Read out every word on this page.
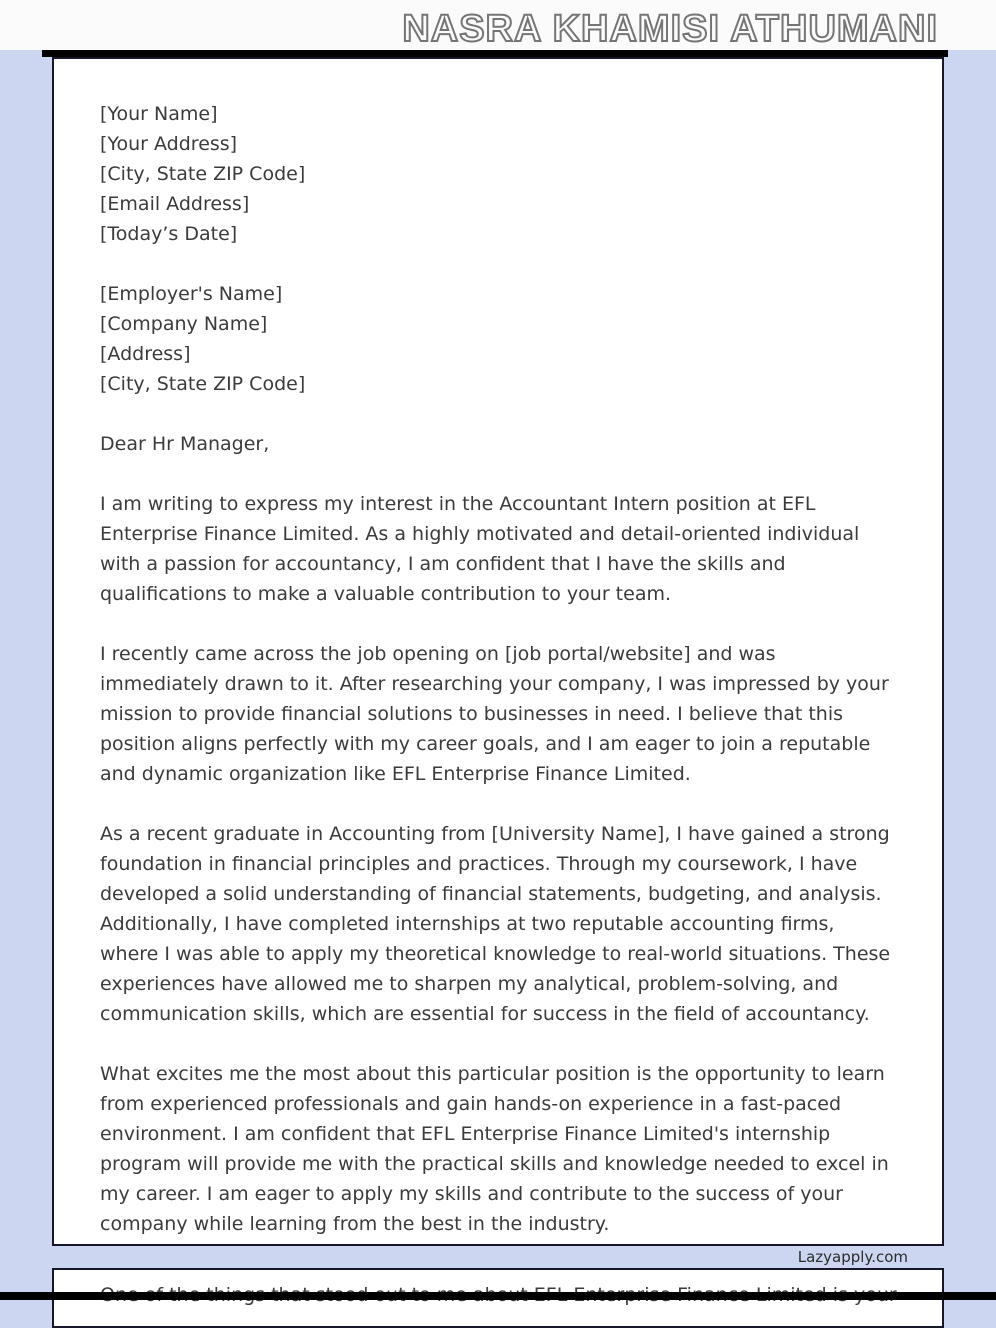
NASRA KHAMISI ATHUMANI

[Your Name]

[Your Address]

[City, State ZIP Code]

[Email Address]

[Today’s Date]

[Employer's Name]

[Company Name]

[Address]

[City, State ZIP Code]

Dear Hr Manager,

I am writing to express my interest in the Accountant Intern position at EFL Enterprise Finance Limited. As a highly motivated and detail-oriented individual with a passion for accountancy, I am confident that I have the skills and qualifications to make a valuable contribution to your team.

I recently came across the job opening on [job portal/website] and was immediately drawn to it. After researching your company, I was impressed by your mission to provide financial solutions to businesses in need. I believe that this position aligns perfectly with my career goals, and I am eager to join a reputable and dynamic organization like EFL Enterprise Finance Limited.

As a recent graduate in Accounting from [University Name], I have gained a strong foundation in financial principles and practices. Through my coursework, I have developed a solid understanding of financial statements, budgeting, and analysis. Additionally, I have completed internships at two reputable accounting firms, where I was able to apply my theoretical knowledge to real-world situations. These experiences have allowed me to sharpen my analytical, problem-solving, and communication skills, which are essential for success in the field of accountancy.

What excites me the most about this particular position is the opportunity to learn from experienced professionals and gain hands-on experience in a fast-paced environment. I am confident that EFL Enterprise Finance Limited's internship program will provide me with the practical skills and knowledge needed to excel in my career. I am eager to apply my skills and contribute to the success of your company while learning from the best in the industry.

Lazyapply.com
